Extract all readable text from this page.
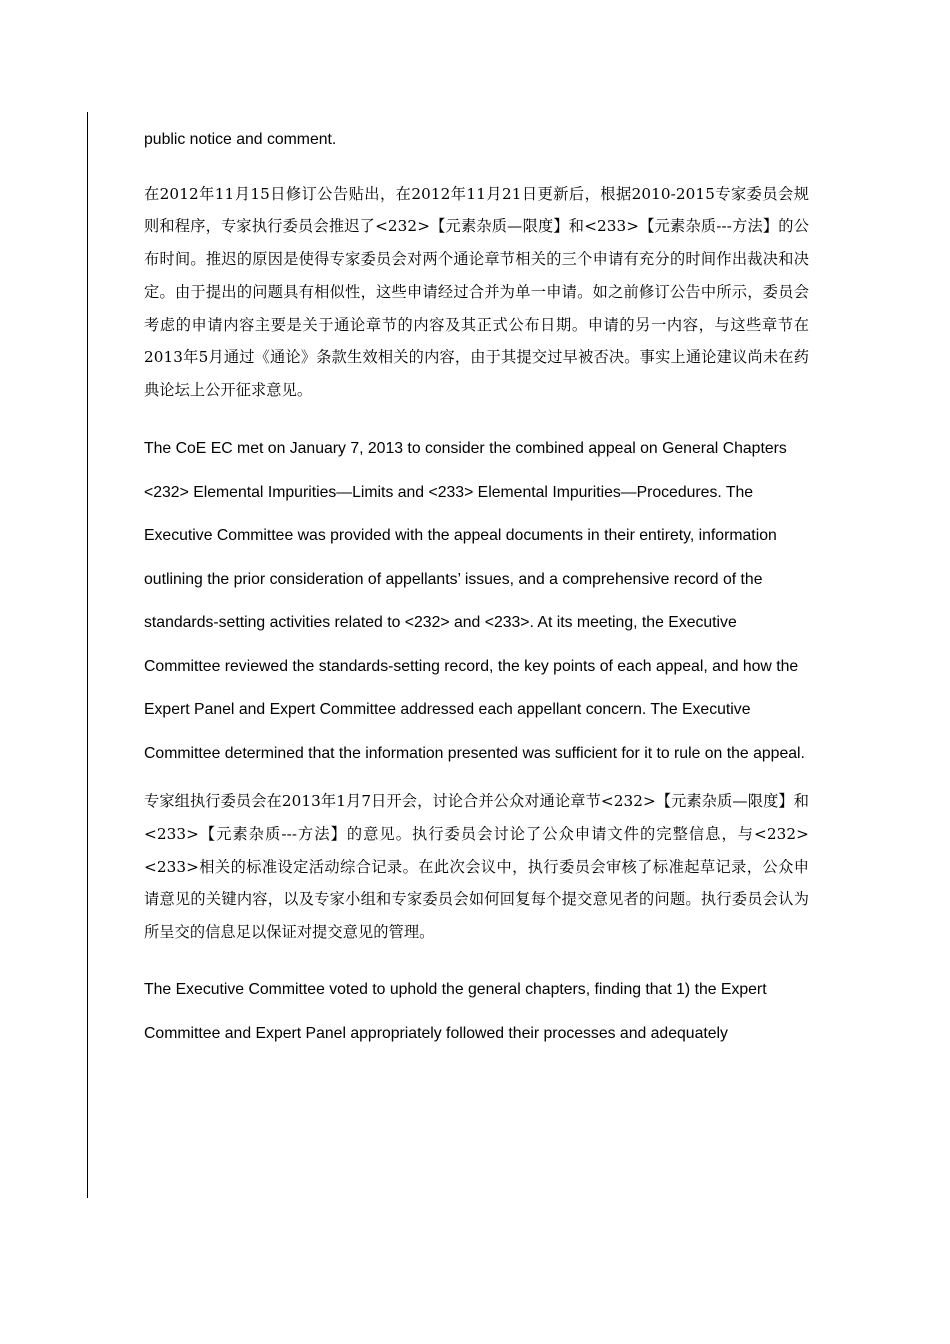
public notice and comment.

在2012年11月15日修订公告贴出，在2012年11月21日更新后，根据2010-2015专家委员会规则和程序，专家执行委员会推迟了<232>【元素杂质—限度】和<233>【元素杂质---方法】的公布时间。推迟的原因是使得专家委员会对两个通论章节相关的三个申请有充分的时间作出裁决和决定。由于提出的问题具有相似性，这些申请经过合并为单一申请。如之前修订公告中所示，委员会考虑的申请内容主要是关于通论章节的内容及其正式公布日期。申请的另一内容，与这些章节在2013年5月通过《通论》条款生效相关的内容，由于其提交过早被否决。事实上通论建议尚未在药典论坛上公开征求意见。

The CoE EC met on January 7, 2013 to consider the combined appeal on General Chapters <232> Elemental Impurities—Limits and <233> Elemental Impurities—Procedures. The Executive Committee was provided with the appeal documents in their entirety, information outlining the prior consideration of appellants’ issues, and a comprehensive record of the standards-setting activities related to <232> and <233>. At its meeting, the Executive Committee reviewed the standards-setting record, the key points of each appeal, and how the Expert Panel and Expert Committee addressed each appellant concern. The Executive Committee determined that the information presented was sufficient for it to rule on the appeal.

专家组执行委员会在2013年1月7日开会，讨论合并公众对通论章节<232>【元素杂质—限度】和<233>【元素杂质---方法】的意见。执行委员会讨论了公众申请文件的完整信息，与<232><233>相关的标准设定活动综合记录。在此次会议中，执行委员会审核了标准起草记录，公众申请意见的关键内容，以及专家小组和专家委员会如何回复每个提交意见者的问题。执行委员会认为所呈交的信息足以保证对提交意见的管理。

The Executive Committee voted to uphold the general chapters, finding that 1) the Expert Committee and Expert Panel appropriately followed their processes and adequately
